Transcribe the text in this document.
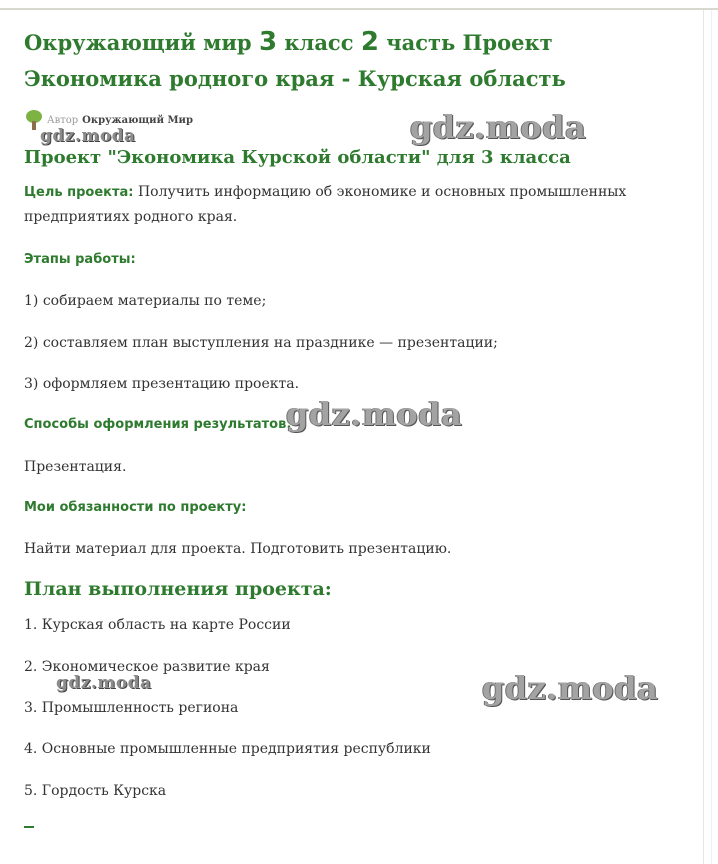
Окружающий мир 3 класс 2 часть Проект
Экономика родного края - Курская область
Автор Окружающий Мир
gdz.moda	gdz.moda
Проект "Экономика Курской области" для 3 класса

Цель проекта: Получить информацию об экономике и основных промышленных
предприятиях родного края.

Этапы работы:

1) собираем материалы по теме;

2) составляем план выступления на празднике — презентации;

3) оформляем презентацию проекта.

Способы оформления результатов:

gdz.moda

Презентация.

Мои обязанности по проекту:

Найти материал для проекта. Подготовить презентацию.

План выполнения проекта:

1. Курская область на карте России

2. Экономическое развитие края

gdz.moda	gdz.moda

3. Промышленность региона

4. Основные промышленные предприятия республики

5. Гордость Курска
